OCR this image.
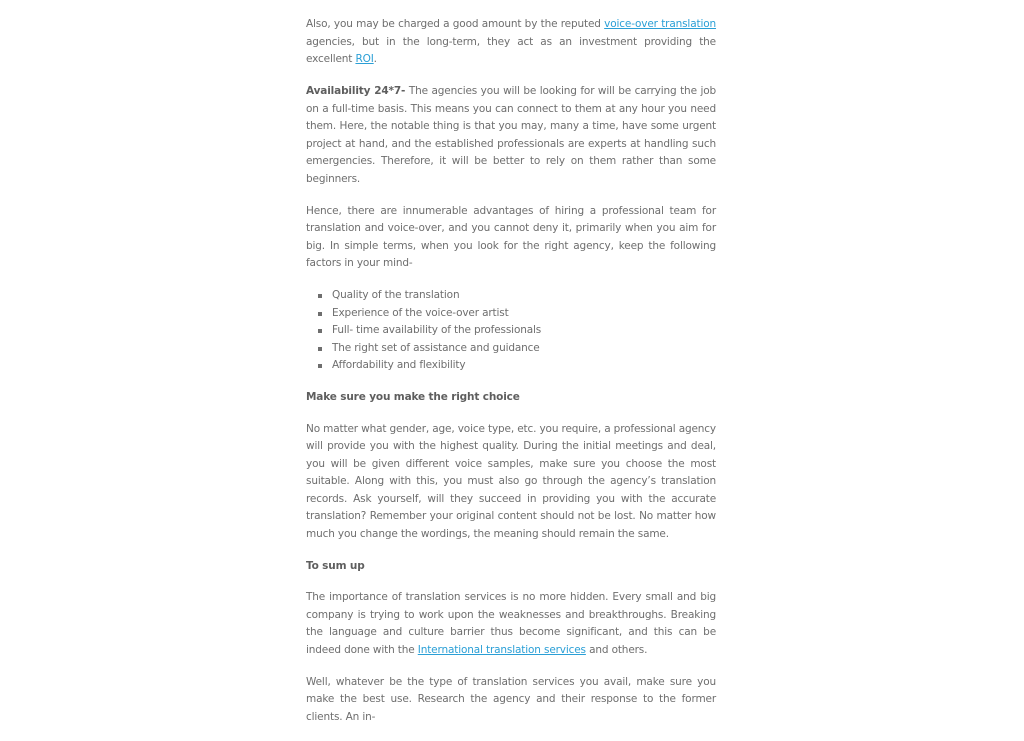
Also, you may be charged a good amount by the reputed voice-over translation agencies, but in the long-term, they act as an investment providing the excellent ROI.

Availability 24*7- The agencies you will be looking for will be carrying the job on a full-time basis. This means you can connect to them at any hour you need them. Here, the notable thing is that you may, many a time, have some urgent project at hand, and the established professionals are experts at handling such emergencies. Therefore, it will be better to rely on them rather than some beginners.

Hence, there are innumerable advantages of hiring a professional team for translation and voice-over, and you cannot deny it, primarily when you aim for big. In simple terms, when you look for the right agency, keep the following factors in your mind-

Quality of the translation
Experience of the voice-over artist
Full- time availability of the professionals
The right set of assistance and guidance
Affordability and flexibility
Make sure you make the right choice

No matter what gender, age, voice type, etc. you require, a professional agency will provide you with the highest quality. During the initial meetings and deal, you will be given different voice samples, make sure you choose the most suitable. Along with this, you must also go through the agency’s translation records. Ask yourself, will they succeed in providing you with the accurate translation? Remember your original content should not be lost. No matter how much you change the wordings, the meaning should remain the same.

To sum up

The importance of translation services is no more hidden. Every small and big company is trying to work upon the weaknesses and breakthroughs. Breaking the language and culture barrier thus become significant, and this can be indeed done with the International translation services and others.

Well, whatever be the type of translation services you avail, make sure you make the best use. Research the agency and their response to the former clients. An in-
